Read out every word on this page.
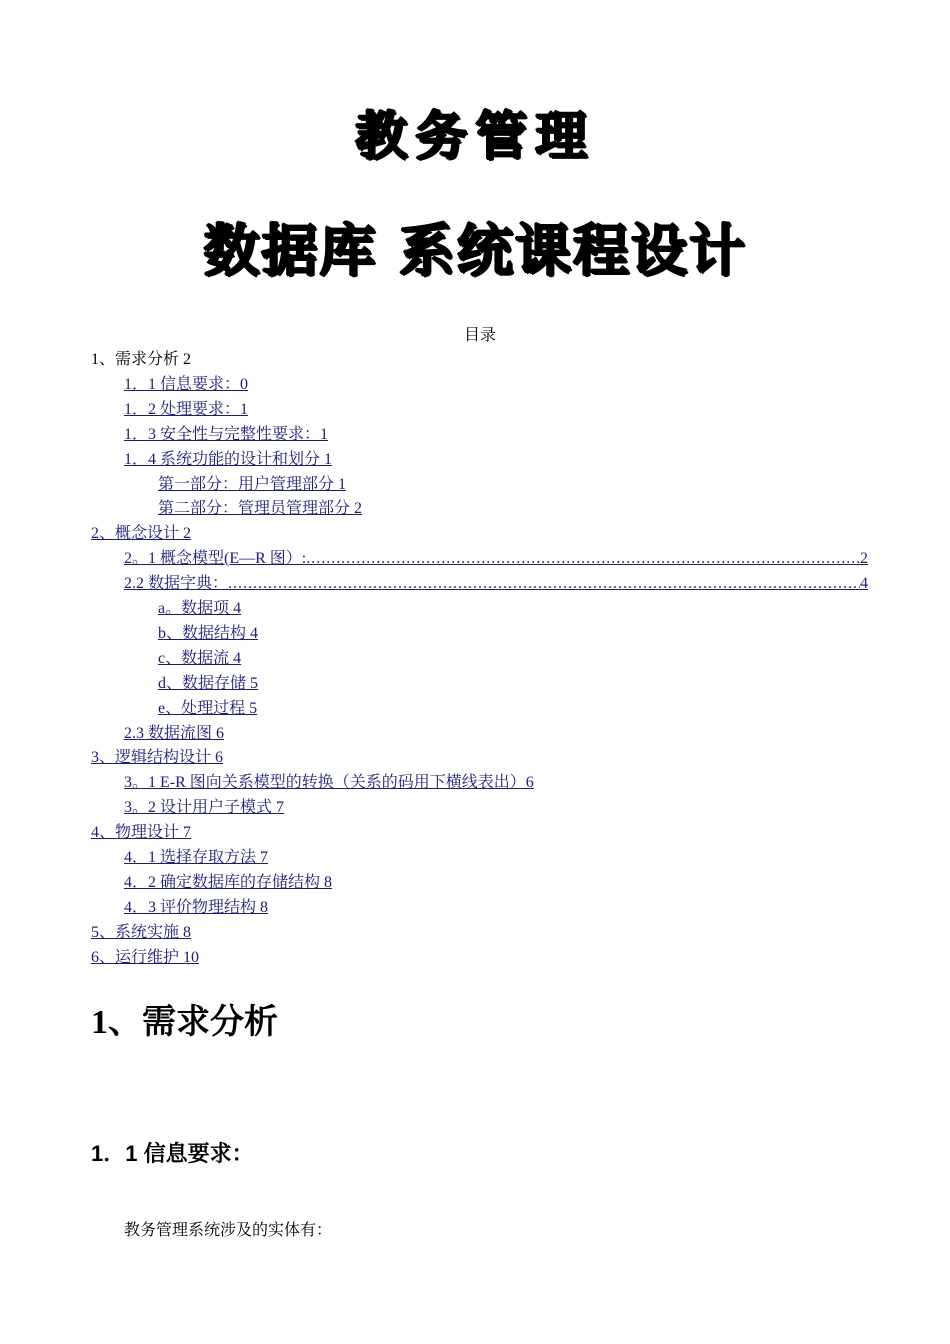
教务管理
数据库 系统课程设计
目录
1、需求分析 2
1．1 信息要求：0
1．2 处理要求：1
1．3 安全性与完整性要求：1
1．4 系统功能的设计和划分 1
第一部分：用户管理部分 1
第二部分：管理员管理部分 2
2、概念设计 2
2。1 概念模型(E—R 图）: .....	2
2.2 数据字典： .....	4
a。数据项 4
b、数据结构 4
c、数据流 4
d、数据存储 5
e、处理过程 5
2.3 数据流图 6
3、逻辑结构设计 6
3。1 E-R 图向关系模型的转换（关系的码用下横线表出）6
3。2 设计用户子模式 7
4、物理设计 7
4．1 选择存取方法 7
4．2 确定数据库的存储结构 8
4．3 评价物理结构 8
5、系统实施 8
6、运行维护 10
1、需求分析
1．1 信息要求：
教务管理系统涉及的实体有：
